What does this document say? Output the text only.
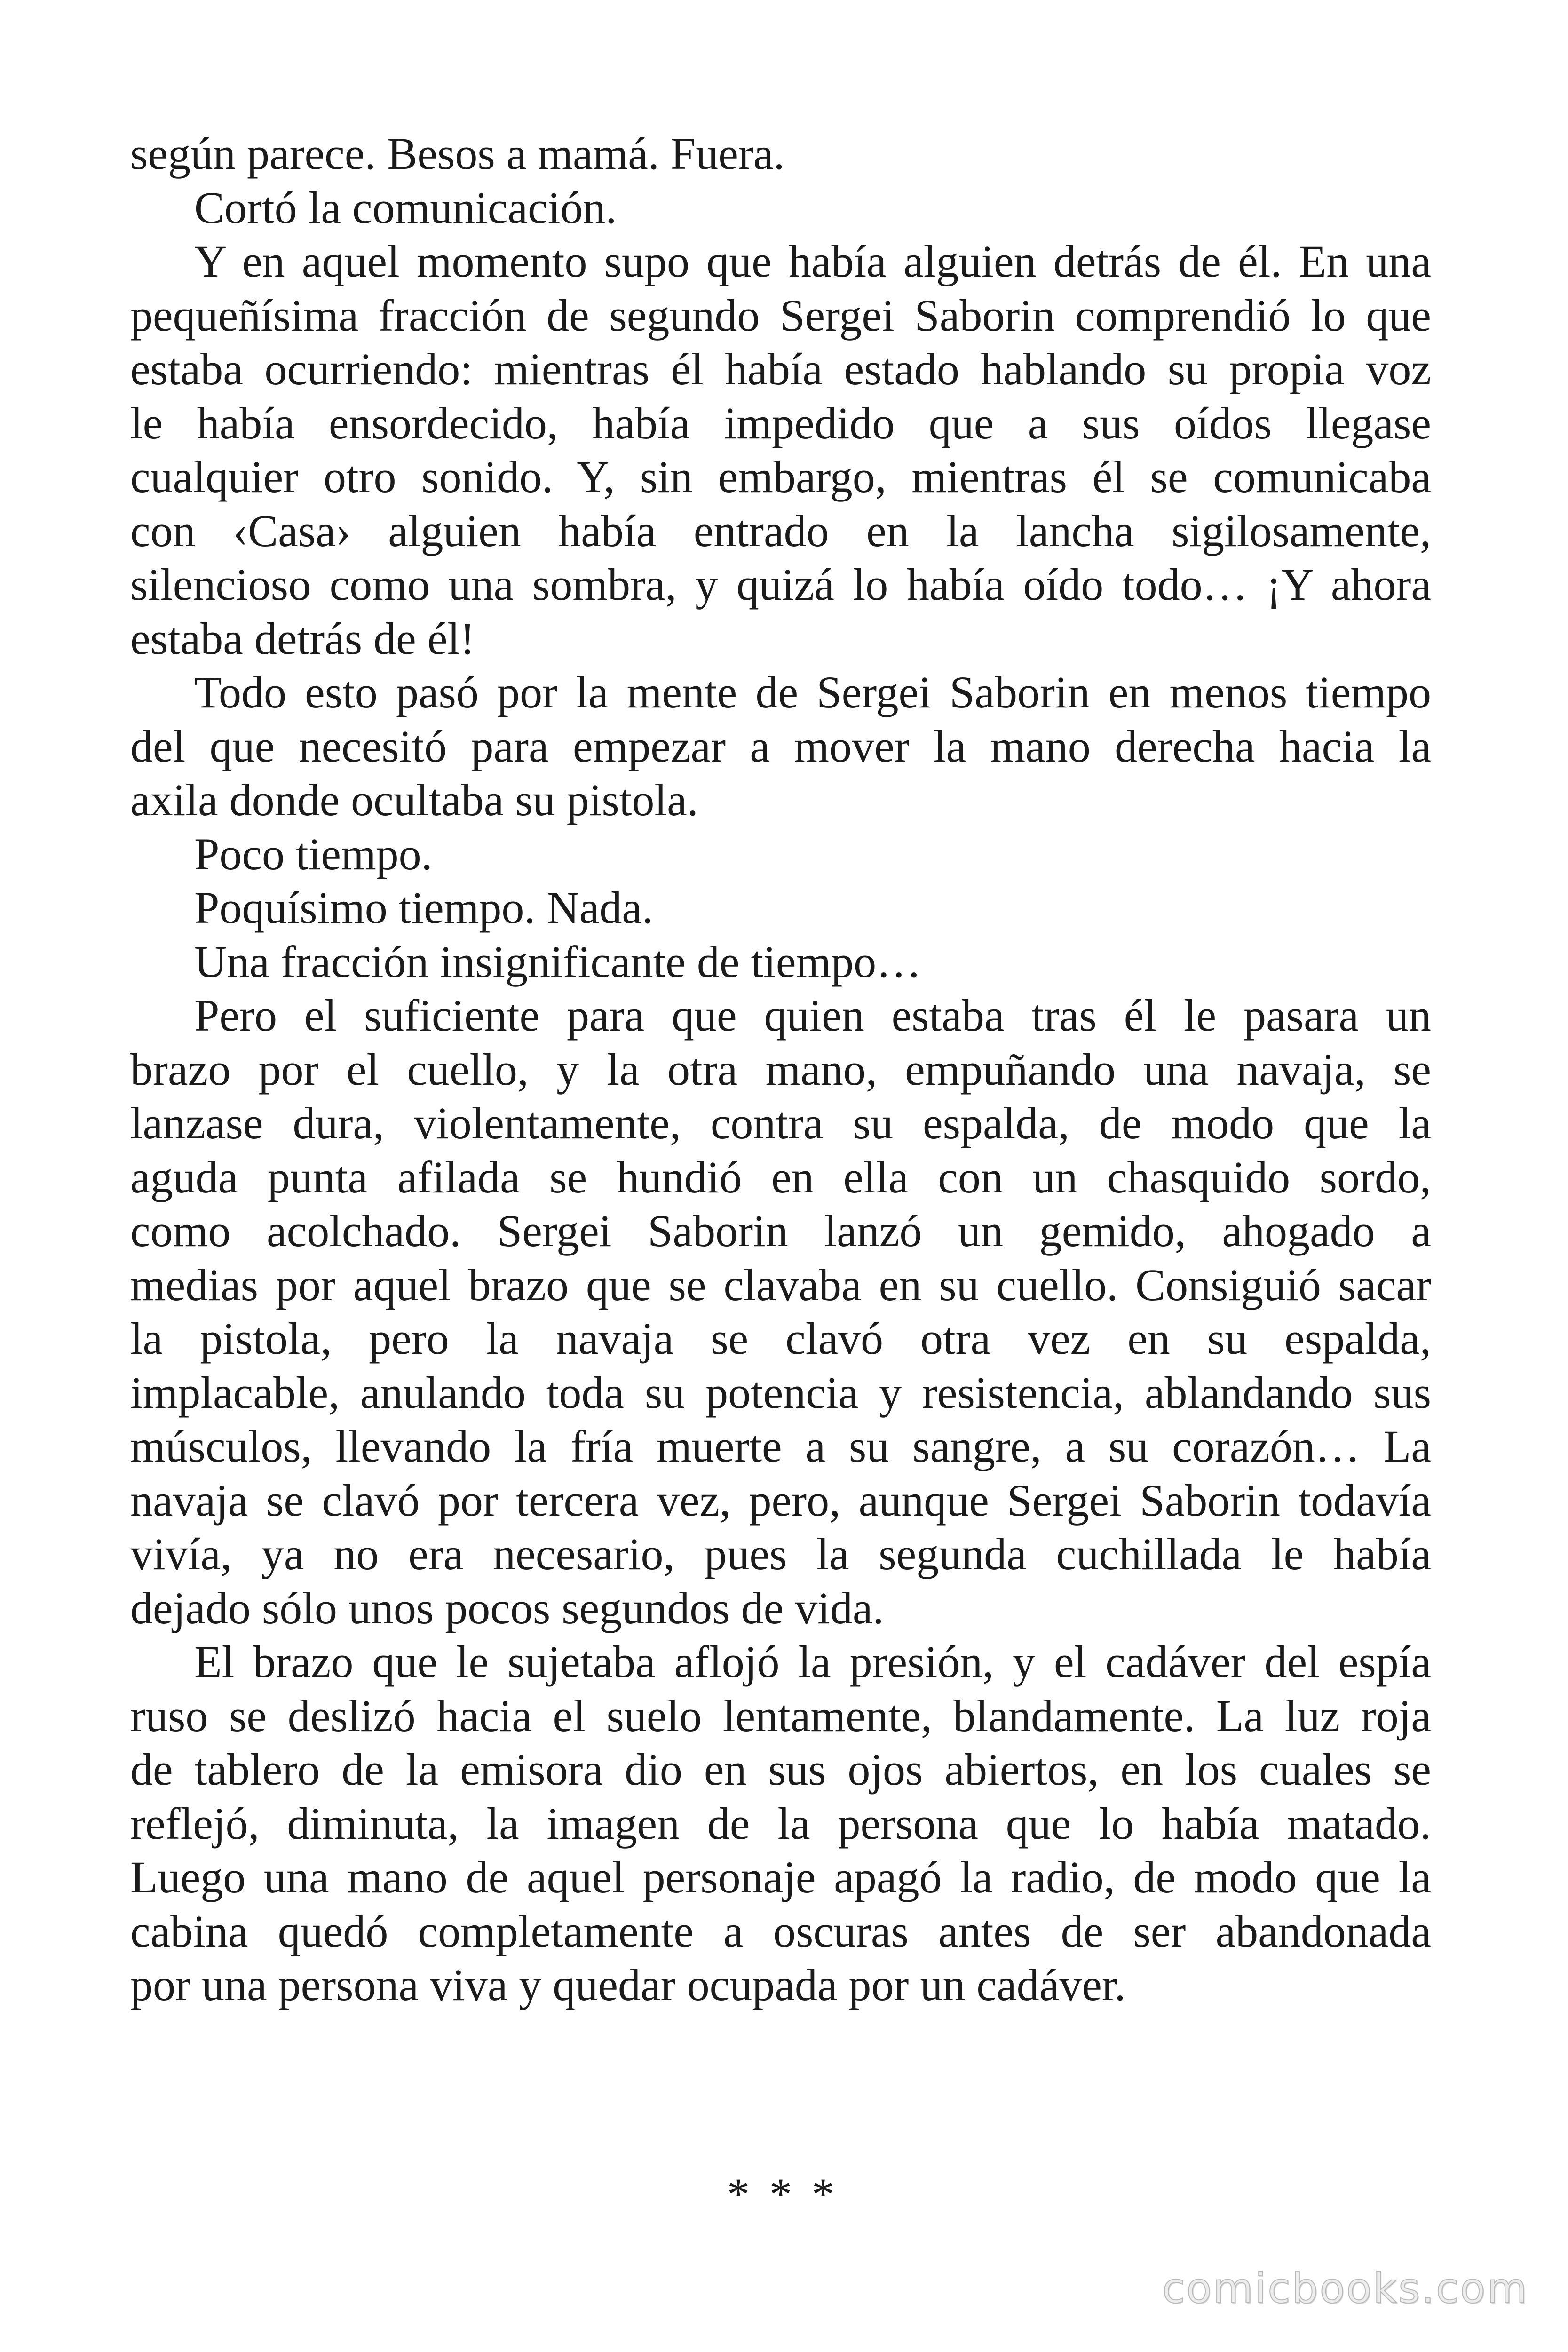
según parece. Besos a mamá. Fuera.
Cortó la comunicación.
Y en aquel momento supo que había alguien detrás de él. En una
pequeñísima fracción de segundo Sergei Saborin comprendió lo que
estaba ocurriendo: mientras él había estado hablando su propia voz
le había ensordecido, había impedido que a sus oídos llegase
cualquier otro sonido. Y, sin embargo, mientras él se comunicaba
con ‹Casa› alguien había entrado en la lancha sigilosamente,
silencioso como una sombra, y quizá lo había oído todo… ¡Y ahora
estaba detrás de él!
Todo esto pasó por la mente de Sergei Saborin en menos tiempo
del que necesitó para empezar a mover la mano derecha hacia la
axila donde ocultaba su pistola.
Poco tiempo.
Poquísimo tiempo. Nada.
Una fracción insignificante de tiempo…
Pero el suficiente para que quien estaba tras él le pasara un
brazo por el cuello, y la otra mano, empuñando una navaja, se
lanzase dura, violentamente, contra su espalda, de modo que la
aguda punta afilada se hundió en ella con un chasquido sordo,
como acolchado. Sergei Saborin lanzó un gemido, ahogado a
medias por aquel brazo que se clavaba en su cuello. Consiguió sacar
la pistola, pero la navaja se clavó otra vez en su espalda,
implacable, anulando toda su potencia y resistencia, ablandando sus
músculos, llevando la fría muerte a su sangre, a su corazón… La
navaja se clavó por tercera vez, pero, aunque Sergei Saborin todavía
vivía, ya no era necesario, pues la segunda cuchillada le había
dejado sólo unos pocos segundos de vida.
El brazo que le sujetaba aflojó la presión, y el cadáver del espía
ruso se deslizó hacia el suelo lentamente, blandamente. La luz roja
de tablero de la emisora dio en sus ojos abiertos, en los cuales se
reflejó, diminuta, la imagen de la persona que lo había matado.
Luego una mano de aquel personaje apagó la radio, de modo que la
cabina quedó completamente a oscuras antes de ser abandonada
por una persona viva y quedar ocupada por un cadáver.
* * *
comicbooks.com
